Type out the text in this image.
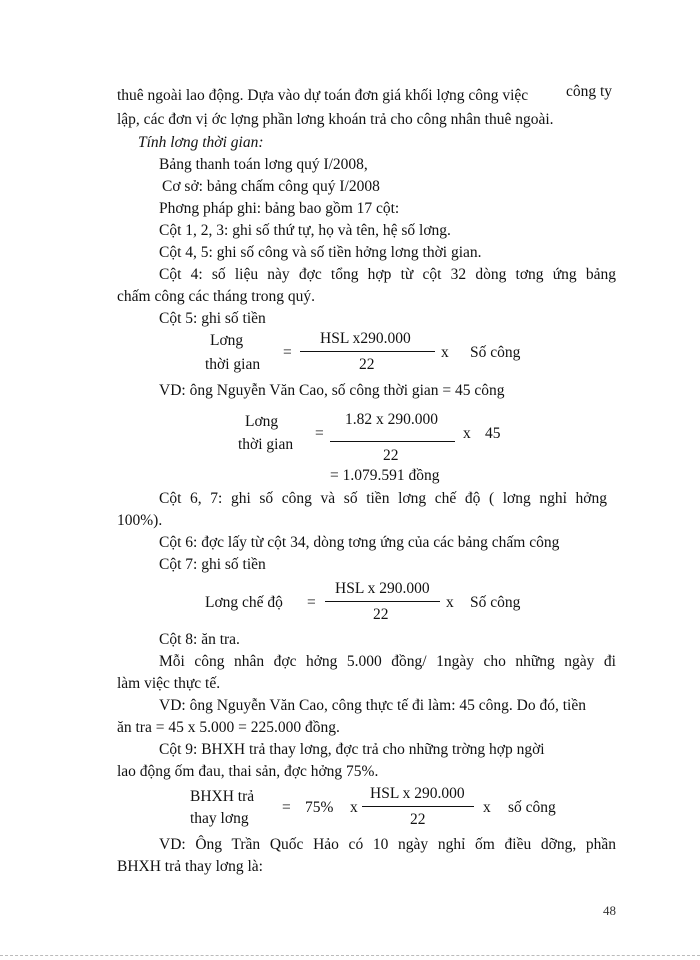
thuê ngoài lao động. Dựa vào dự toán đơn giá khối lợng công việc công ty
lập, các đơn vị ớc lợng phần lơng khoán trả cho công nhân thuê ngoài.
Tính lơng thời gian:
Bảng thanh toán lơng quý I/2008,
Cơ sở: bảng chấm công quý I/2008
Phơng pháp ghi: bảng bao gồm 17 cột:
Cột 1, 2, 3: ghi số thứ tự, họ và tên, hệ số lơng.
Cột 4, 5: ghi số công và số tiền hởng lơng thời gian.
Cột 4: số liệu này đợc tổng hợp từ cột 32 dòng tơng ứng bảng
chấm công các tháng trong quý.
Cột 5: ghi số tiền
Lơng
thời gian
=
HSL x290.000
22
x Số công
VD: ông Nguyễn Văn Cao, số công thời gian = 45 công
Lơng
thời gian
=
1.82 x 290.000
22
x 45
= 1.079.591 đồng
Cột 6, 7: ghi số công và số tiền lơng chế độ ( lơng nghỉ hởng
100%).
Cột 6: đợc lấy từ cột 34, dòng tơng ứng của các bảng chấm công
Cột 7: ghi số tiền
Lơng chế độ =
HSL x 290.000
22
x Số công
Cột 8: ăn tra.
Mỗi công nhân đợc hởng 5.000 đồng/ 1ngày cho những ngày đi
làm việc thực tế.
VD: ông Nguyễn Văn Cao, công thực tế đi làm: 45 công. Do đó, tiền
ăn tra = 45 x 5.000 = 225.000 đồng.
Cột 9: BHXH trả thay lơng, đợc trả cho những trờng hợp ngời
lao động ốm đau, thai sản, đợc hởng 75%.
BHXH trả
thay lơng
= 75% x
HSL x 290.000
22
x số công
VD: Ông Trần Quốc Hảo có 10 ngày nghỉ ốm điều dỡng, phần
BHXH trả thay lơng là:
48
